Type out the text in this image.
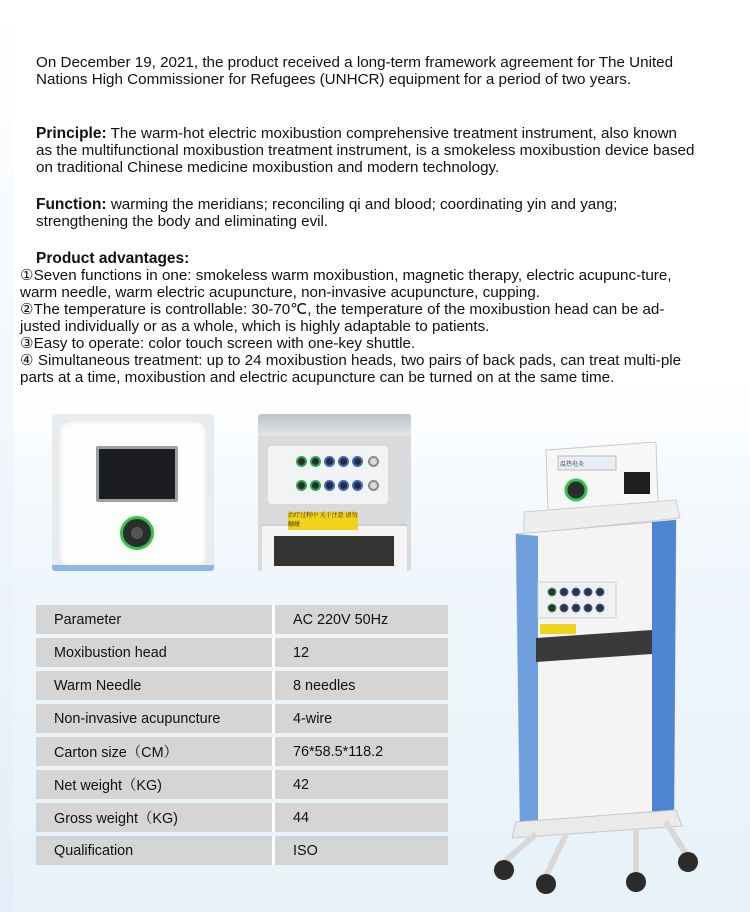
On December 19, 2021, the product received a long-term framework agreement for The United Nations High Commissioner for Refugees (UNHCR) equipment for a period of two years.
Principle: The warm-hot electric moxibustion comprehensive treatment instrument, also known as the multifunctional moxibustion treatment instrument, is a smokeless moxibustion device based on traditional Chinese medicine moxibustion and modern technology.
Function: warming the meridians; reconciling qi and blood; coordinating yin and yang; strengthening the body and eliminating evil.
Product advantages:

①Seven functions in one: smokeless warm moxibustion, magnetic therapy, electric acupunc-ture, warm needle, warm electric acupuncture, non-invasive acupuncture, cupping.

②The temperature is controllable: 30-70℃, the temperature of the moxibustion head can be ad-justed individually or as a whole, which is highly adaptable to patients.

③Easy to operate: color touch screen with one-key shuttle.

④ Simultaneous treatment: up to 24 moxibustion heads, two pairs of back pads, can treat multi-ple parts at a time, moxibustion and electric acupuncture can be turned on at the same time.

治疗过程中 关于注意 请勿触碰
温热电灸
Parameter	AC 220V 50Hz
Moxibustion head	12
Warm Needle	8 needles
Non-invasive acupuncture	4-wire
Carton size（CM）	76*58.5*118.2
Net weight（KG)	42
Gross weight（KG)	44
Qualification	ISO
